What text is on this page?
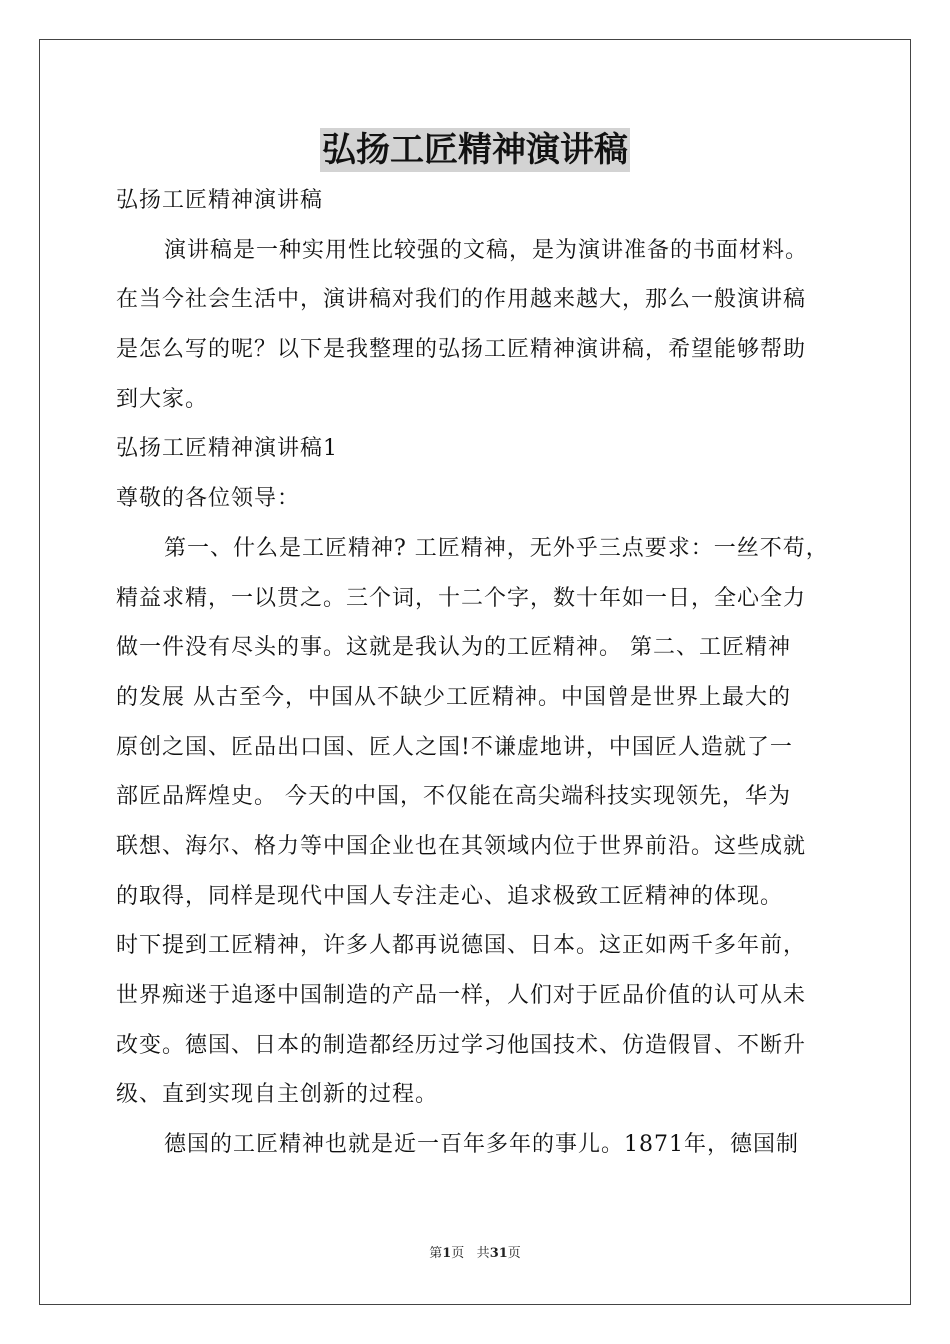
弘扬工匠精神演讲稿

弘扬工匠精神演讲稿

演讲稿是一种实用性比较强的文稿，是为演讲准备的书面材料。

在当今社会生活中，演讲稿对我们的作用越来越大，那么一般演讲稿

是怎么写的呢？以下是我整理的弘扬工匠精神演讲稿，希望能够帮助

到大家。

弘扬工匠精神演讲稿1

尊敬的各位领导：

第一、什么是工匠精神? 工匠精神，无外乎三点要求：一丝不苟，

精益求精，一以贯之。三个词，十二个字，数十年如一日，全心全力

做一件没有尽头的事。这就是我认为的工匠精神。 第二、工匠精神

的发展 从古至今，中国从不缺少工匠精神。中国曾是世界上最大的

原创之国、匠品出口国、匠人之国!不谦虚地讲，中国匠人造就了一

部匠品辉煌史。 今天的中国，不仅能在高尖端科技实现领先，华为

联想、海尔、格力等中国企业也在其领域内位于世界前沿。这些成就

的取得，同样是现代中国人专注走心、追求极致工匠精神的体现。

时下提到工匠精神，许多人都再说德国、日本。这正如两千多年前，

世界痴迷于追逐中国制造的产品一样，人们对于匠品价值的认可从未

改变。德国、日本的制造都经历过学习他国技术、仿造假冒、不断升

级、直到实现自主创新的过程。

德国的工匠精神也就是近一百年多年的事儿。1871年，德国制

第1页 共31页
